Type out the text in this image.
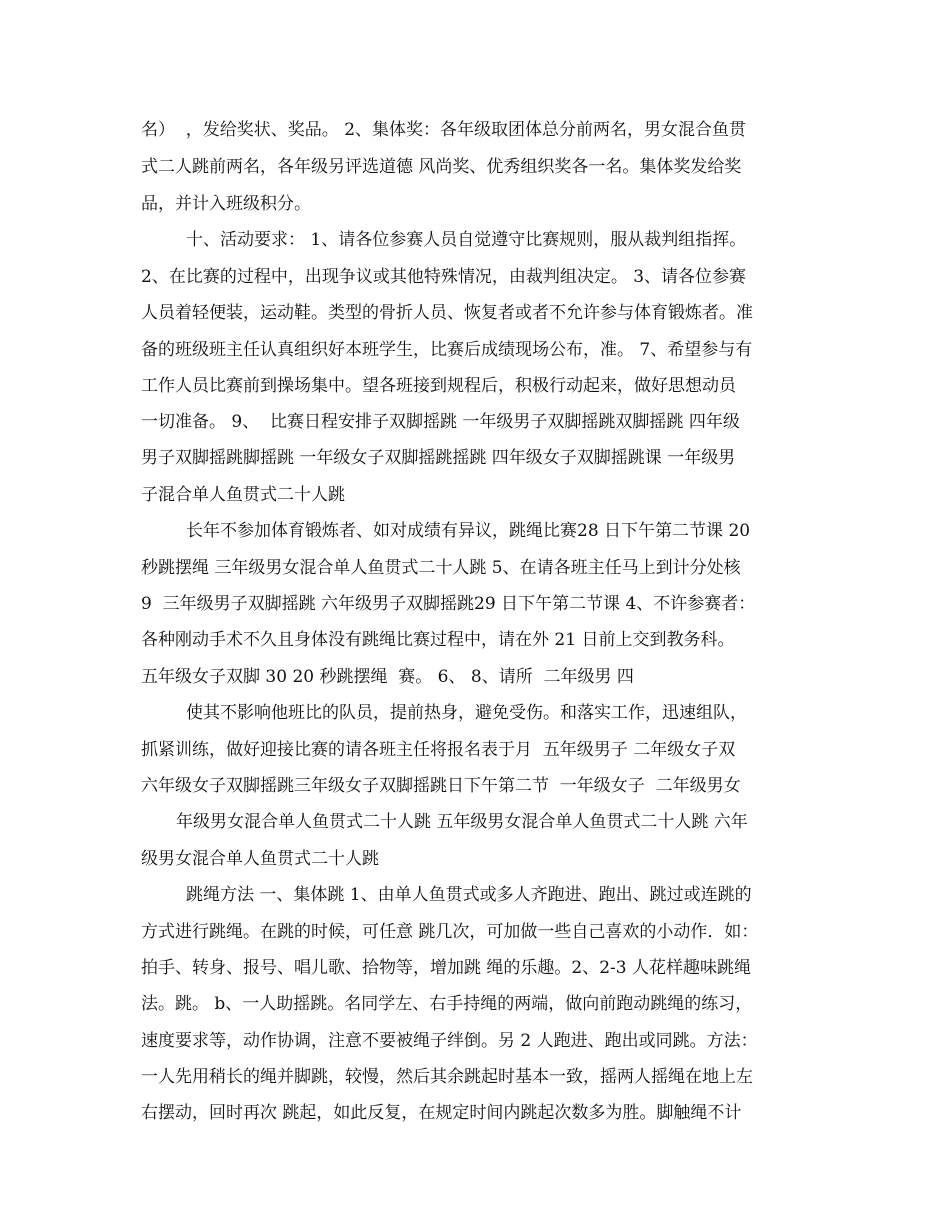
名）  ，发给奖状、奖品。 2、集体奖：各年级取团体总分前两名，男女混合鱼贯
式二人跳前两名，各年级另评选道德 风尚奖、优秀组织奖各一名。集体奖发给奖
品，并计入班级积分。
十、活动要求： 1、请各位参赛人员自觉遵守比赛规则，服从裁判组指挥。
2、在比赛的过程中，出现争议或其他特殊情况，由裁判组决定。 3、请各位参赛
人员着轻便装，运动鞋。类型的骨折人员、恢复者或者不允许参与体育锻炼者。准
备的班级班主任认真组织好本班学生，比赛后成绩现场公布，准。 7、希望参与有
工作人员比赛前到操场集中。望各班接到规程后，积极行动起来，做好思想动员
一切准备。 9、  比赛日程安排子双脚摇跳 一年级男子双脚摇跳双脚摇跳 四年级
男子双脚摇跳脚摇跳 一年级女子双脚摇跳摇跳 四年级女子双脚摇跳课 一年级男
子混合单人鱼贯式二十人跳
长年不参加体育锻炼者、如对成绩有异议，跳绳比赛28 日下午第二节课 20
秒跳摆绳 三年级男女混合单人鱼贯式二十人跳 5、在请各班主任马上到计分处核
9  三年级男子双脚摇跳 六年级男子双脚摇跳29 日下午第二节课 4、不许参赛者：
各种刚动手术不久且身体没有跳绳比赛过程中，请在外 21 日前上交到教务科。
五年级女子双脚 30 20 秒跳摆绳  赛。 6、 8、请所  二年级男 四
使其不影响他班比的队员，提前热身，避免受伤。和落实工作，迅速组队，
抓紧训练，做好迎接比赛的请各班主任将报名表于月  五年级男子 二年级女子双
六年级女子双脚摇跳三年级女子双脚摇跳日下午第二节  一年级女子  二年级男女
年级男女混合单人鱼贯式二十人跳 五年级男女混合单人鱼贯式二十人跳 六年
级男女混合单人鱼贯式二十人跳
跳绳方法 一、集体跳 1、由单人鱼贯式或多人齐跑进、跑出、跳过或连跳的
方式进行跳绳。在跳的时候，可任意 跳几次，可加做一些自己喜欢的小动作．如：
拍手、转身、报号、唱儿歌、拾物等，增加跳 绳的乐趣。2、2-3 人花样趣味跳绳
法。跳。 b、一人助摇跳。名同学左、右手持绳的两端，做向前跑动跳绳的练习，
速度要求等，动作协调，注意不要被绳子绊倒。另 2 人跑进、跑出或同跳。方法：
一人先用稍长的绳并脚跳，较慢，然后其余跳起时基本一致，摇两人摇绳在地上左
右摆动，回时再次 跳起，如此反复，在规定时间内跳起次数多为胜。脚触绳不计
